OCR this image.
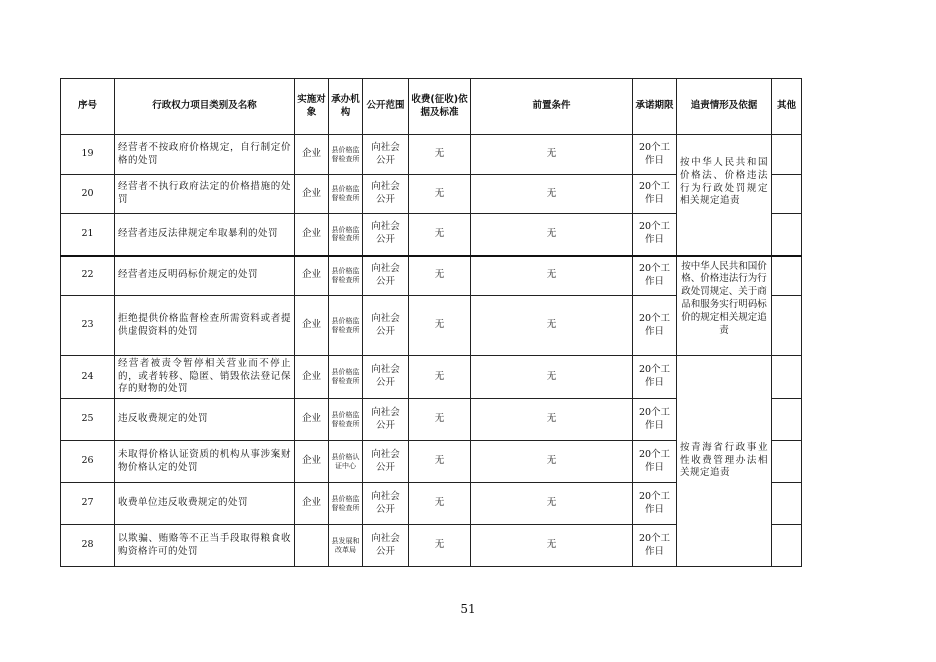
序号	行政权力项目类别及名称	实施对象	承办机构	公开范围	收费(征收)依据及标准	前置条件	承诺期限	追责情形及依据	其他	
19	经营者不按政府价格规定，自行制定价格的处罚	企业	县价格监督检查所	向社会公开	无	无	20个工作日	按中华人民共和国价格法、价格违法行为行政处罚规定相关规定追责		
20	经营者不执行政府法定的价格措施的处罚	企业	县价格监督检查所	向社会公开	无	无	20个工作日			
21	经营者违反法律规定牟取暴利的处罚	企业	县价格监督检查所	向社会公开	无	无	20个工作日			
22	经营者违反明码标价规定的处罚	企业	县价格监督检查所	向社会公开	无	无	20个工作日	按中华人民共和国价格、价格违法行为行政处罚规定、关于商品和服务实行明码标价的规定相关规定追责		
23	拒绝提供价格监督检查所需资料或者提供虚假资料的处罚	企业	县价格监督检查所	向社会公开	无	无	20个工作日			
24	经营者被责令暂停相关营业而不停止的，或者转移、隐匿、销毁依法登记保存的财物的处罚	企业	县价格监督检查所	向社会公开	无	无	20个工作日	按青海省行政事业性收费管理办法相关规定追责		
25	违反收费规定的处罚	企业	县价格监督检查所	向社会公开	无	无	20个工作日			
26	未取得价格认证资质的机构从事涉案财物价格认定的处罚	企业	县价格认证中心	向社会公开	无	无	20个工作日			
27	收费单位违反收费规定的处罚	企业	县价格监督检查所	向社会公开	无	无	20个工作日			
28	以欺骗、贿赂等不正当手段取得粮食收购资格许可的处罚		县发展和改革局	向社会公开	无	无	20个工作日			
51
